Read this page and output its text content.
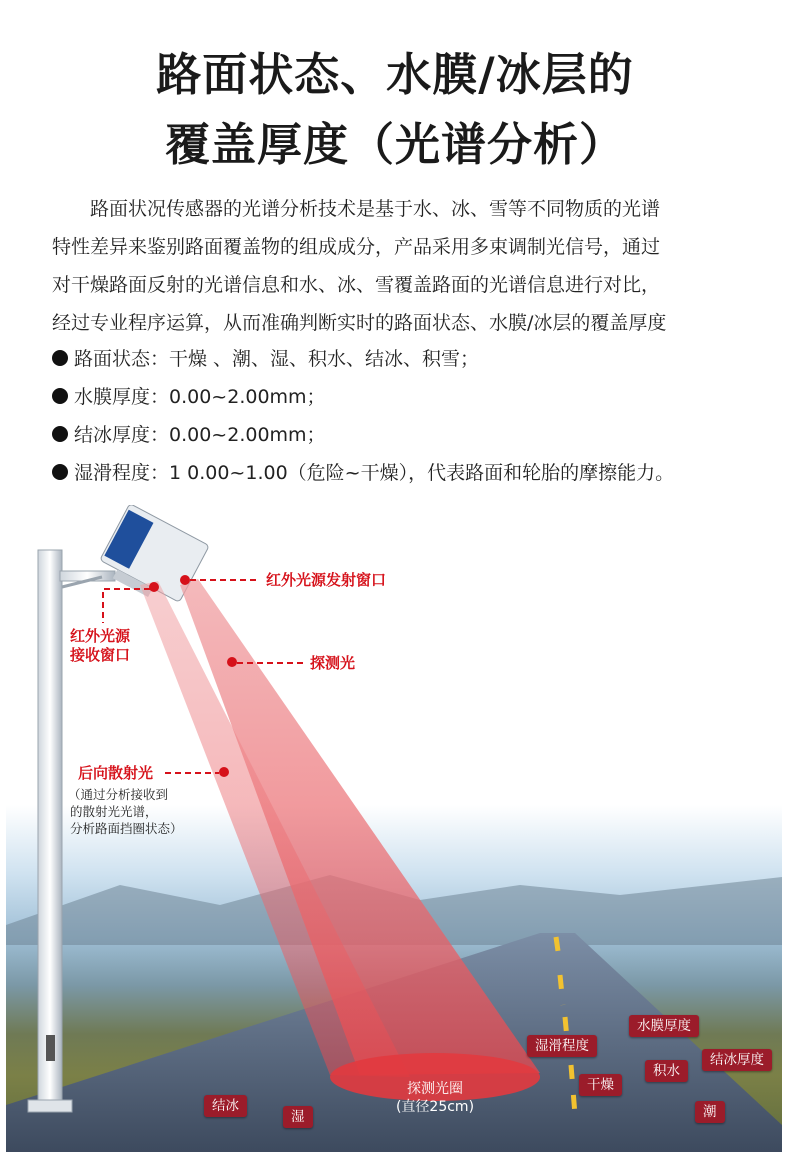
路面状态、水膜/冰层的
覆盖厚度（光谱分析）
路面状况传感器的光谱分析技术是基于水、冰、雪等不同物质的光谱
特性差异来鉴别路面覆盖物的组成成分，产品采用多束调制光信号，通过
对干燥路面反射的光谱信息和水、冰、雪覆盖路面的光谱信息进行对比，
经过专业程序运算，从而准确判断实时的路面状态、水膜/冰层的覆盖厚度
路面状态：干燥 、潮、湿、积水、结冰、积雪；
水膜厚度：0.00~2.00mm；
结冰厚度：0.00~2.00mm；
湿滑程度：1 0.00~1.00（危险~干燥），代表路面和轮胎的摩擦能力。
红外光源发射窗口
红外光源
接收窗口	探测光
后向散射光
（通过分析接收到
的散射光光谱，
分析路面挡圈状态）
探测光圈
(直径25cm)
湿滑程度
水膜厚度
积水
结冰厚度
干燥
结冰
湿	潮
